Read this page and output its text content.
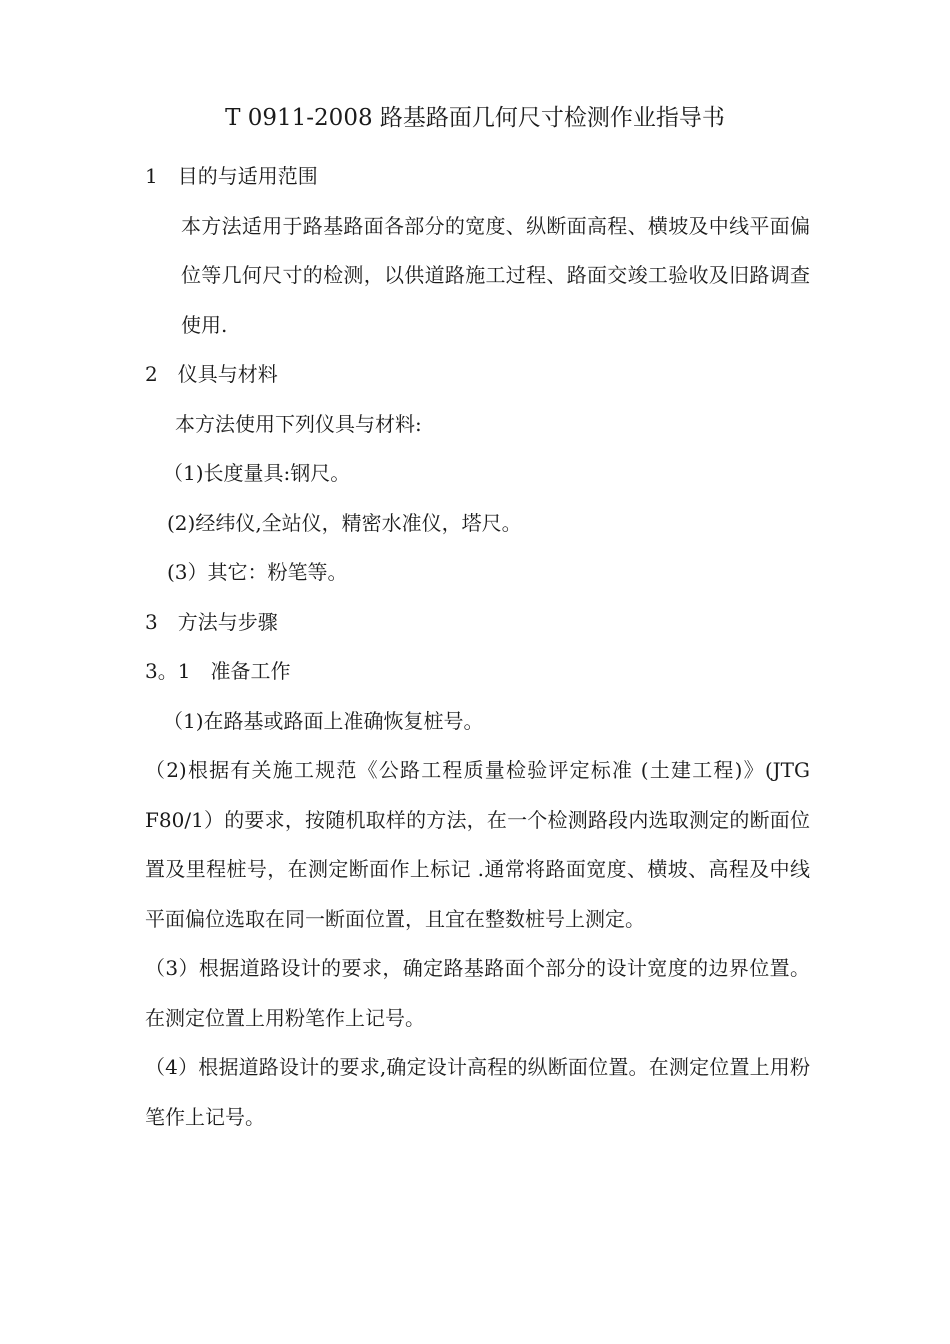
T 0911-2008 路基路面几何尺寸检测作业指导书

1　目的与适用范围

本方法适用于路基路面各部分的宽度、纵断面高程、横坡及中线平面偏位等几何尺寸的检测，以供道路施工过程、路面交竣工验收及旧路调查使用.

2　仪具与材料

本方法使用下列仪具与材料:

（1)长度量具:钢尺。

(2)经纬仪,全站仪，精密水准仪，塔尺。

(3）其它：粉笔等。

3　方法与步骤

3。1　准备工作

（1)在路基或路面上准确恢复桩号。

（2)根据有关施工规范《公路工程质量检验评定标准 (土建工程)》(JTG F80/1）的要求，按随机取样的方法，在一个检测路段内选取测定的断面位置及里程桩号，在测定断面作上标记 .通常将路面宽度、横坡、高程及中线平面偏位选取在同一断面位置，且宜在整数桩号上测定。

（3）根据道路设计的要求，确定路基路面个部分的设计宽度的边界位置。在测定位置上用粉笔作上记号。

（4）根据道路设计的要求,确定设计高程的纵断面位置。在测定位置上用粉笔作上记号。
